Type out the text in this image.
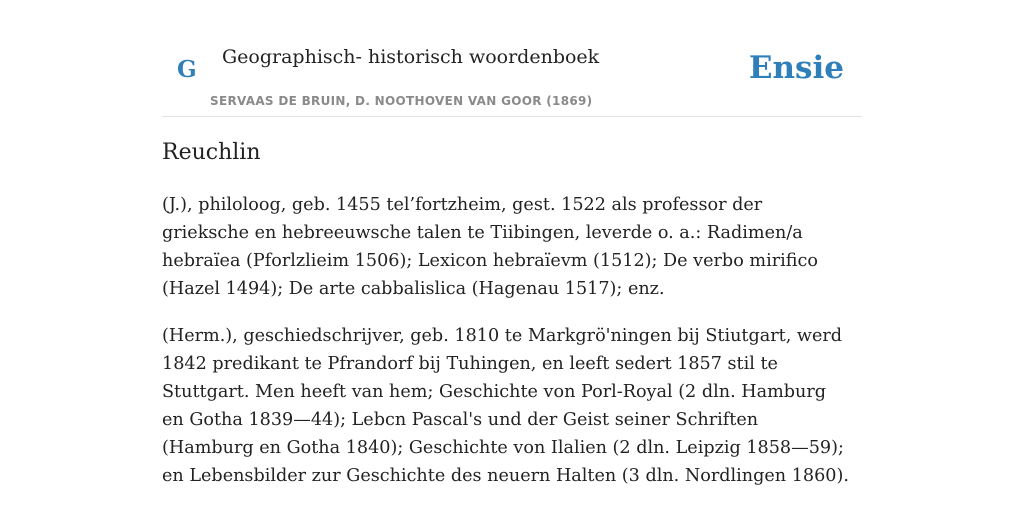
G Geographisch- historisch woordenboek
SERVAAS DE BRUIN, D. NOOTHOVEN VAN GOOR (1869)
Ensie
Reuchlin

(J.), philoloog, geb. 1455 tel’fortzheim, gest. 1522 als professor der grieksche en hebreeuwsche talen te Tiibingen, leverde o. a.: Radimen/a hebraïea (Pforlzlieim 1506); Lexicon hebraïevm (1512); De verbo mirifico (Hazel 1494); De arte cabbalislica (Hagenau 1517); enz.

(Herm.), geschiedschrijver, geb. 1810 te Markgrö'ningen bij Stiutgart, werd 1842 predikant te Pfrandorf bij Tuhingen, en leeft sedert 1857 stil te Stuttgart. Men heeft van hem; Geschichte von Porl-Royal (2 dln. Hamburg en Gotha 1839—44); Lebcn Pascal's und der Geist seiner Schriften (Hamburg en Gotha 1840); Geschichte von Ilalien (2 dln. Leipzig 1858—59); en Lebensbilder zur Geschichte des neuern Halten (3 dln. Nordlingen 1860).
